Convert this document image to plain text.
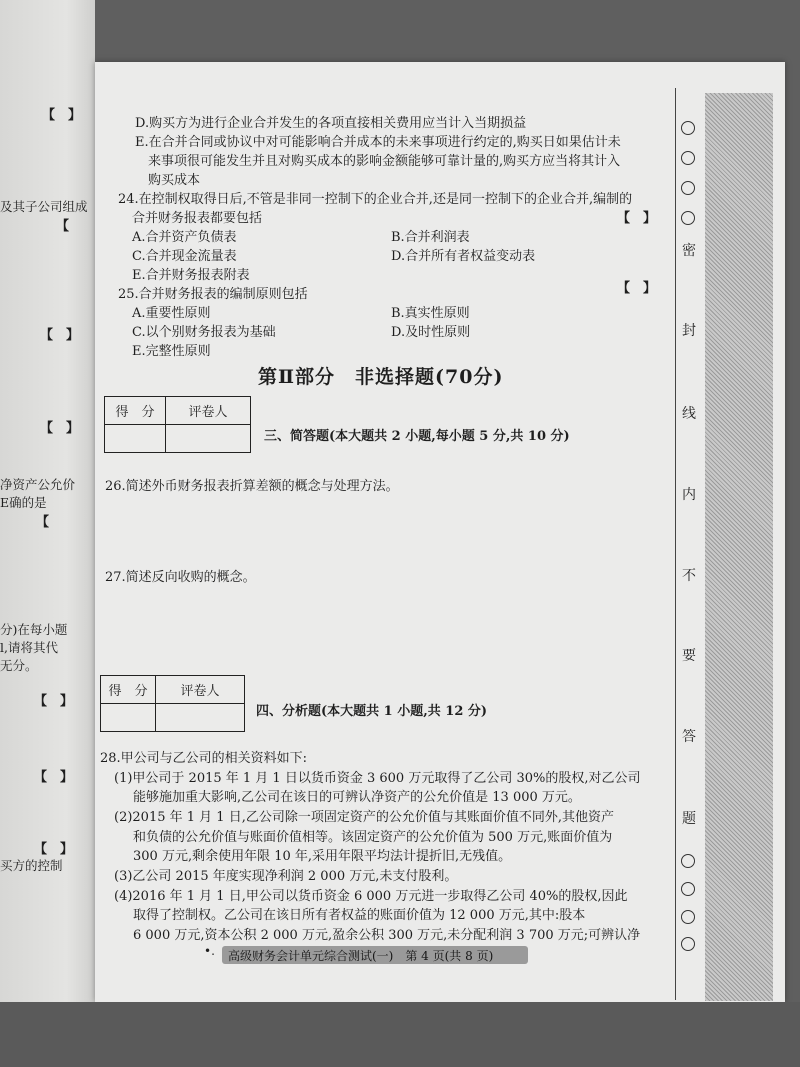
【　】
及其子公司组成
【
【　】
【　】
净资产公允价
E确的是
【
分)在每小题
l,请将其代
无分。
【　】
【　】
【　】
买方的控制
D.购买方为进行企业合并发生的各项直接相关费用应当计入当期损益
E.在合并合同或协议中对可能影响合并成本的未来事项进行约定的,购买日如果估计未
来事项很可能发生并且对购买成本的影响金额能够可靠计量的,购买方应当将其计入
购买成本
24.在控制权取得日后,不管是非同一控制下的企业合并,还是同一控制下的企业合并,编制的
合并财务报表都要包括	【　】
A.合并资产负债表	B.合并利润表
C.合并现金流量表	D.合并所有者权益变动表
E.合并财务报表附表
25.合并财务报表的编制原则包括	【　】
A.重要性原则	B.真实性原则
C.以个别财务报表为基础	D.及时性原则
E.完整性原则
第Ⅱ部分　非选择题(70分)
得　分	评卷人

三、简答题(本大题共 2 小题,每小题 5 分,共 10 分)
26.简述外币财务报表折算差额的概念与处理方法。
27.简述反向收购的概念。
得　分	评卷人

四、分析题(本大题共 1 小题,共 12 分)
28.甲公司与乙公司的相关资料如下:
(1)甲公司于 2015 年 1 月 1 日以货币资金 3 600 万元取得了乙公司 30%的股权,对乙公司
能够施加重大影响,乙公司在该日的可辨认净资产的公允价值是 13 000 万元。
(2)2015 年 1 月 1 日,乙公司除一项固定资产的公允价值与其账面价值不同外,其他资产
和负债的公允价值与账面价值相等。该固定资产的公允价值为 500 万元,账面价值为
300 万元,剩余使用年限 10 年,采用年限平均法计提折旧,无残值。
(3)乙公司 2015 年度实现净利润 2 000 万元,未支付股利。
(4)2016 年 1 月 1 日,甲公司以货币资金 6 000 万元进一步取得乙公司 40%的股权,因此
取得了控制权。乙公司在该日所有者权益的账面价值为 12 000 万元,其中:股本
6 000 万元,资本公积 2 000 万元,盈余公积 300 万元,未分配利润 3 700 万元;可辨认净
密
封
线
内
不
要
答
题
•. 高级财务会计单元综合测试(一)　第 4 页(共 8 页)
